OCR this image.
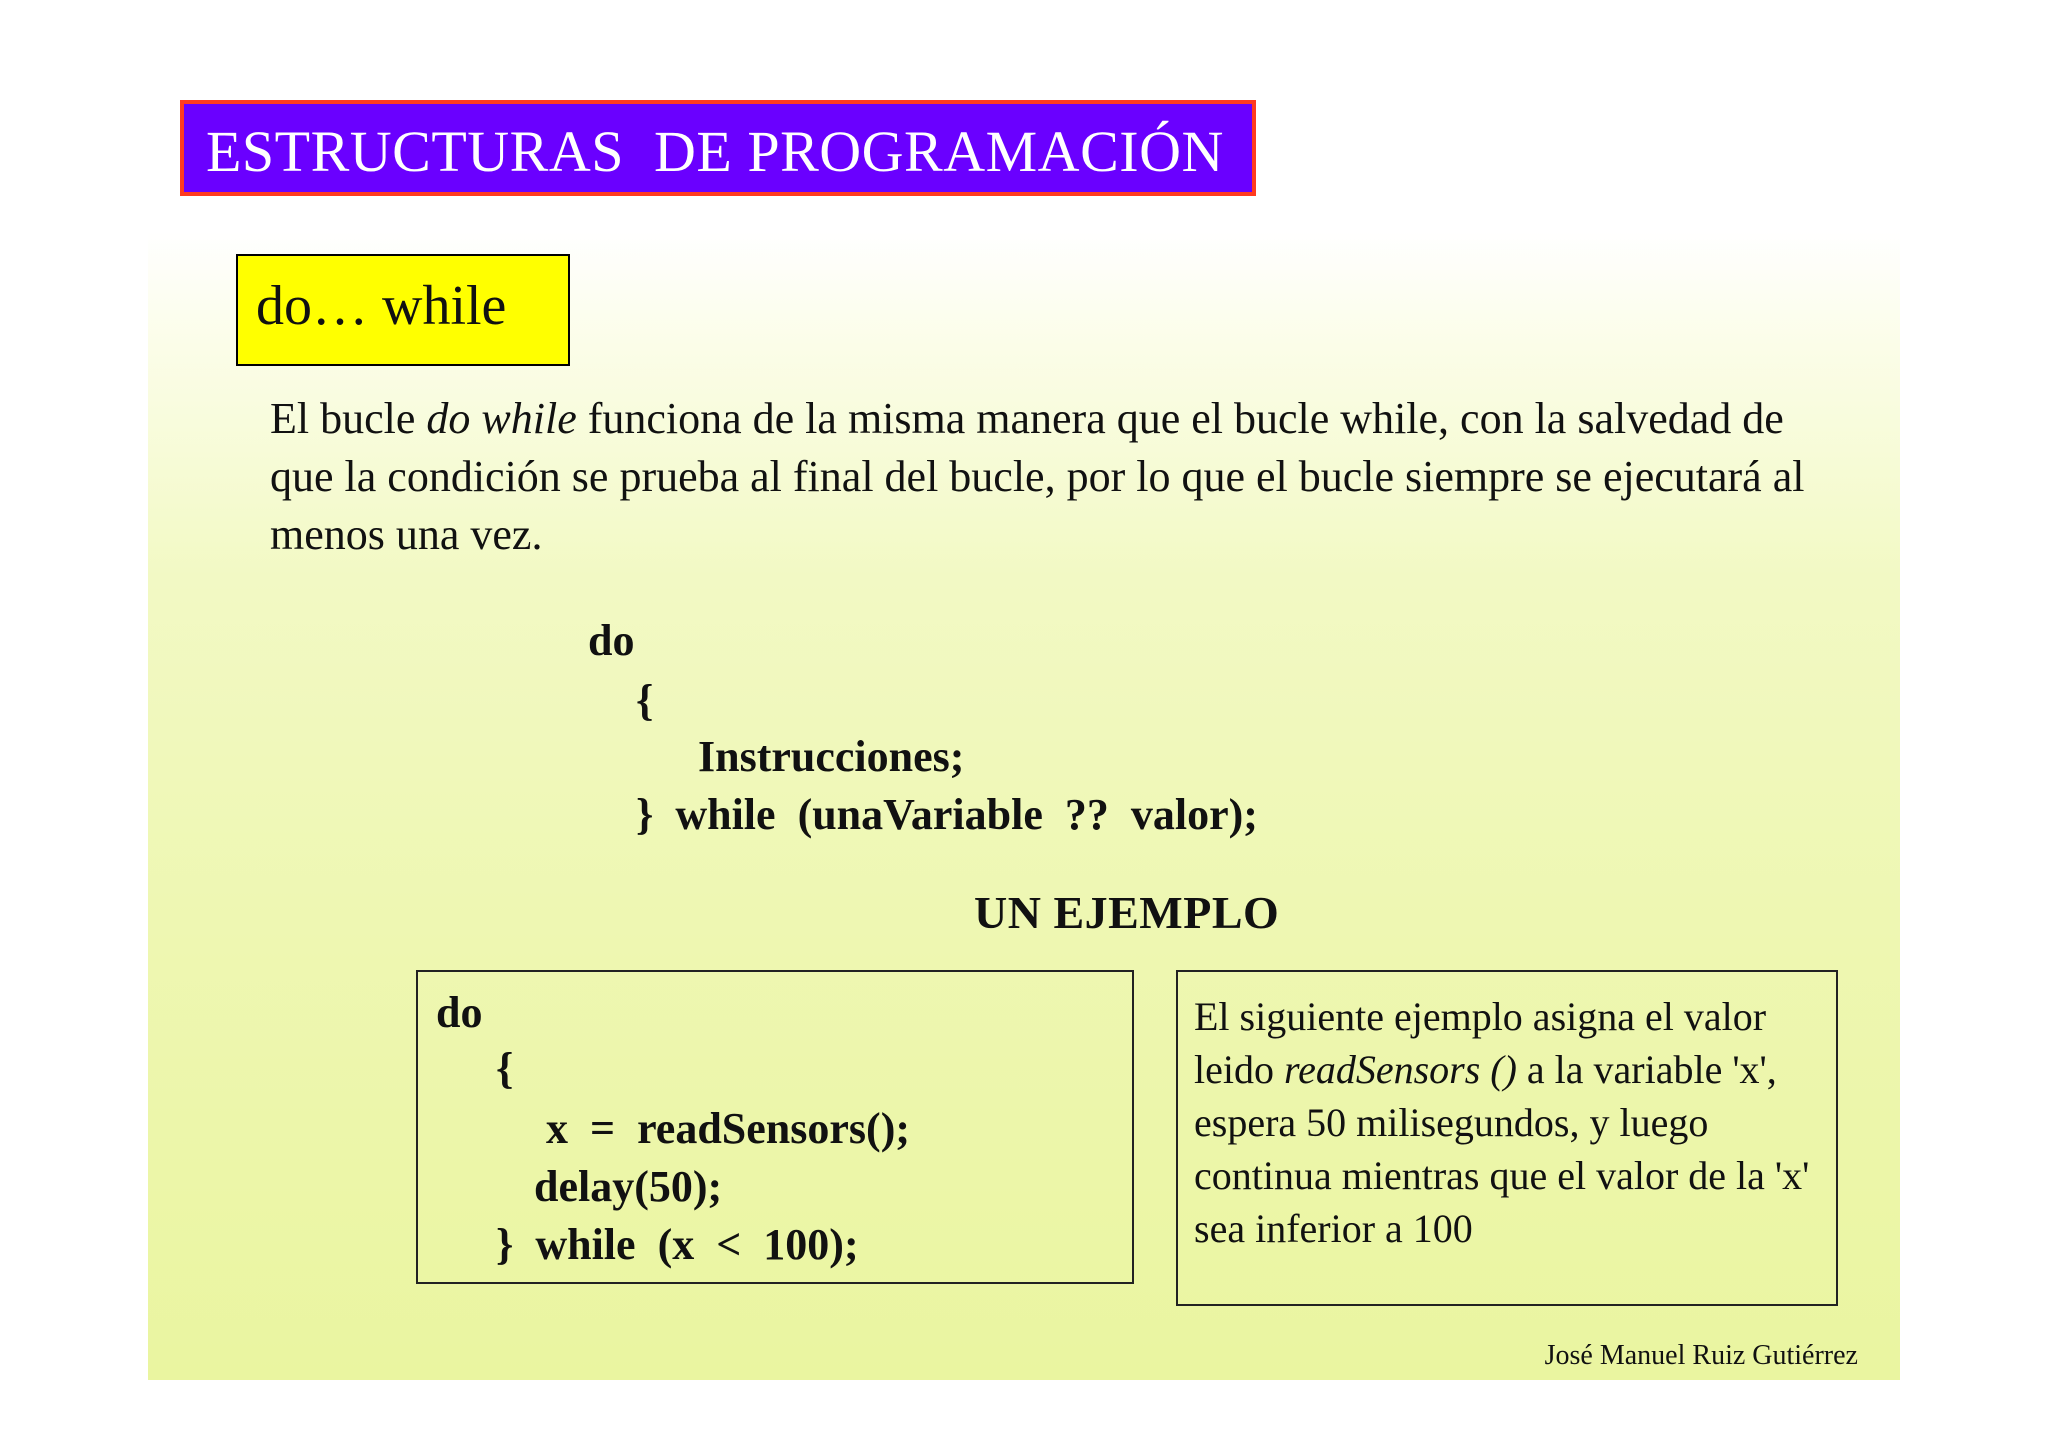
ESTRUCTURAS  DE PROGRAMACIÓN
do… while

El bucle do while funciona de la misma manera que el bucle while, con la salvedad de que la condición se prueba al final del bucle, por lo que el bucle siempre se ejecutará al menos una vez.

do
{
Instrucciones;
}  while  (unaVariable  ??  valor);
UN EJEMPLO
do
{
x  =  readSensors();
delay(50);
}  while  (x  <  100);

El siguiente ejemplo asigna el valor leido readSensors () a la variable 'x', espera 50 milisegundos, y luego continua mientras que el valor de la 'x' sea inferior a 100

José Manuel Ruiz Gutiérrez
